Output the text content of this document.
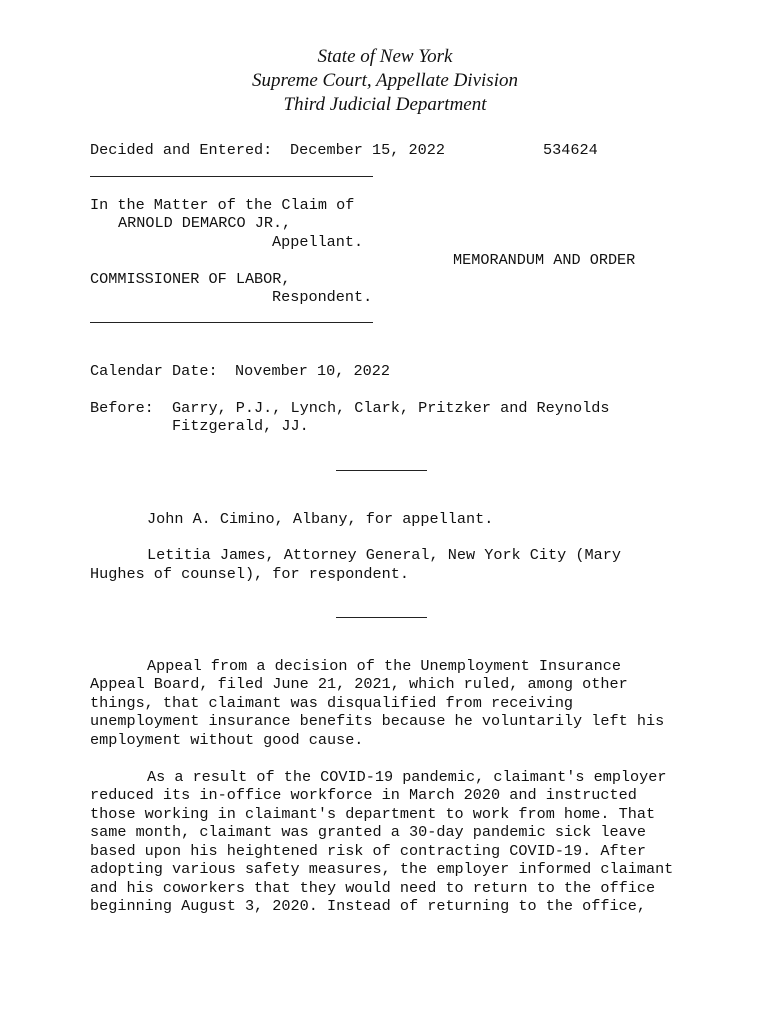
State of New York
Supreme Court, Appellate Division
Third Judicial Department
Decided and Entered: December 15, 2022	534624
In the Matter of the Claim of
ARNOLD DEMARCO JR.,
Appellant.
MEMORANDUM AND ORDER
COMMISSIONER OF LABOR,
Respondent.
Calendar Date: November 10, 2022
Before: Garry, P.J., Lynch, Clark, Pritzker and Reynolds
Fitzgerald, JJ.
John A. Cimino, Albany, for appellant.
Letitia James, Attorney General, New York City (Mary
Hughes of counsel), for respondent.
Appeal from a decision of the Unemployment Insurance
Appeal Board, filed June 21, 2021, which ruled, among other
things, that claimant was disqualified from receiving
unemployment insurance benefits because he voluntarily left his
employment without good cause.
As a result of the COVID-19 pandemic, claimant's employer
reduced its in-office workforce in March 2020 and instructed
those working in claimant's department to work from home. That
same month, claimant was granted a 30-day pandemic sick leave
based upon his heightened risk of contracting COVID-19. After
adopting various safety measures, the employer informed claimant
and his coworkers that they would need to return to the office
beginning August 3, 2020. Instead of returning to the office,
